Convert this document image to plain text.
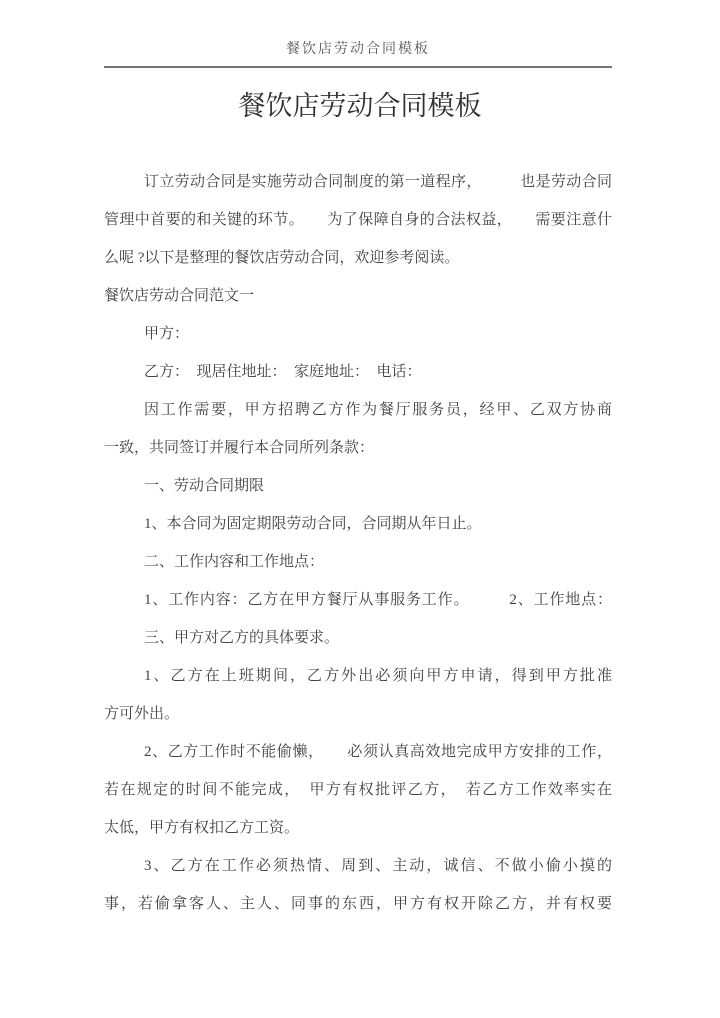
餐饮店劳动合同模板
餐饮店劳动合同模板
订立劳动合同是实施劳动合同制度的第一道程序，　　　也是劳动合同
管理中首要的和关键的环节。　　为了保障自身的合法权益，　　需要注意什
么呢 ?以下是整理的餐饮店劳动合同，欢迎参考阅读。
餐饮店劳动合同范文一
甲方：
乙方：　现居住地址：　家庭地址：　电话：
因工作需要，甲方招聘乙方作为餐厅服务员，经甲、乙双方协商
一致，共同签订并履行本合同所列条款：
一、劳动合同期限
1、本合同为固定期限劳动合同，合同期从年日止。
二、工作内容和工作地点：
1、工作内容：乙方在甲方餐厅从事服务工作。　　　2、工作地点：
三、甲方对乙方的具体要求。
1、乙方在上班期间，乙方外出必须向甲方申请，得到甲方批准
方可外出。
2、乙方工作时不能偷懒，　　必须认真高效地完成甲方安排的工作，
若在规定的时间不能完成，　甲方有权批评乙方，　若乙方工作效率实在
太低，甲方有权扣乙方工资。
3、乙方在工作必须热情、周到、主动，诚信、不做小偷小摸的
事，若偷拿客人、主人、同事的东西，甲方有权开除乙方，并有权要
